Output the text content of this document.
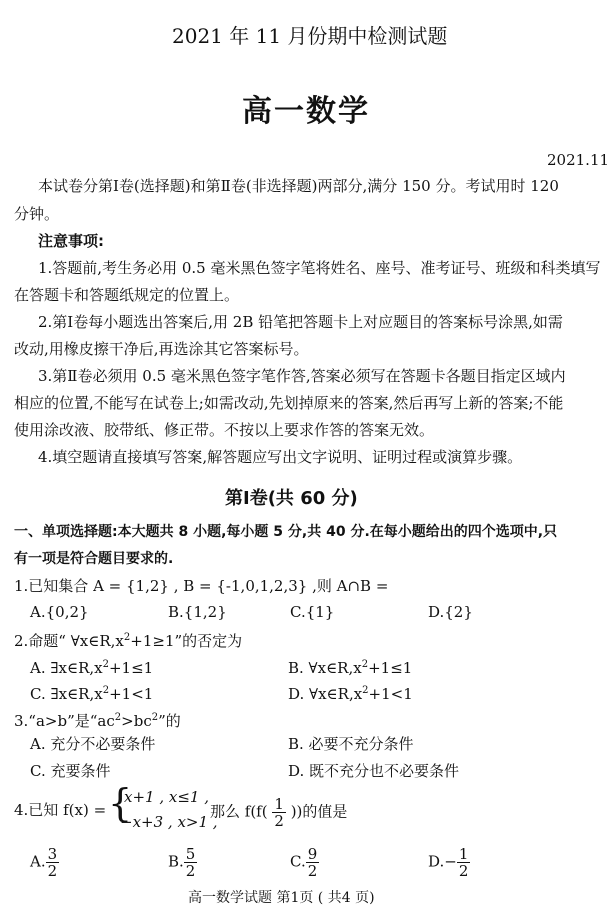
2021 年 11 月份期中检测试题
高一数学
2021.11
本试卷分第Ⅰ卷(选择题)和第Ⅱ卷(非选择题)两部分,满分 150 分。考试用时 120
分钟。
注意事项:
1.答题前,考生务必用 0.5 毫米黑色签字笔将姓名、座号、准考证号、班级和科类填写
在答题卡和答题纸规定的位置上。
2.第Ⅰ卷每小题选出答案后,用 2B 铅笔把答题卡上对应题目的答案标号涂黑,如需
改动,用橡皮擦干净后,再选涂其它答案标号。
3.第Ⅱ卷必须用 0.5 毫米黑色签字笔作答,答案必须写在答题卡各题目指定区域内
相应的位置,不能写在试卷上;如需改动,先划掉原来的答案,然后再写上新的答案;不能
使用涂改液、胶带纸、修正带。不按以上要求作答的答案无效。
4.填空题请直接填写答案,解答题应写出文字说明、证明过程或演算步骤。
第Ⅰ卷(共 60 分)
一、单项选择题:本大题共 8 小题,每小题 5 分,共 40 分.在每小题给出的四个选项中,只
有一项是符合题目要求的.
1.已知集合 A = {1,2} , B = {-1,0,1,2,3} ,则 A∩B =
A.{0,2}	B.{1,2}	C.{1}	D.{2}
2.命题“ $\forall x\in R,x^2+1\ge 1$”的否定为
A. $\exists x\in R,x^2+1\le 1$	B. $\forall x\in R,x^2+1\le 1$
C. $\exists x\in R,x^2+1<1$	D. $\forall x\in R,x^2+1<1$
3.“a>b”是“$ac^2>bc^2$”的
A. 充分不必要条件	B. 必要不充分条件
C. 充要条件	D. 既不充分也不必要条件
4.已知 f(x) = {
x+1 , x≤1 ,
−x+3 , x>1 ,
那么 $f(f( \frac{1}{2}$ ))的值是
A. $\frac{3}{2}$	B. $\frac{5}{2}$	C. $\frac{9}{2}$	$D.- \frac{1}{2}$
高一数学试题 第1页 ( 共4 页)
